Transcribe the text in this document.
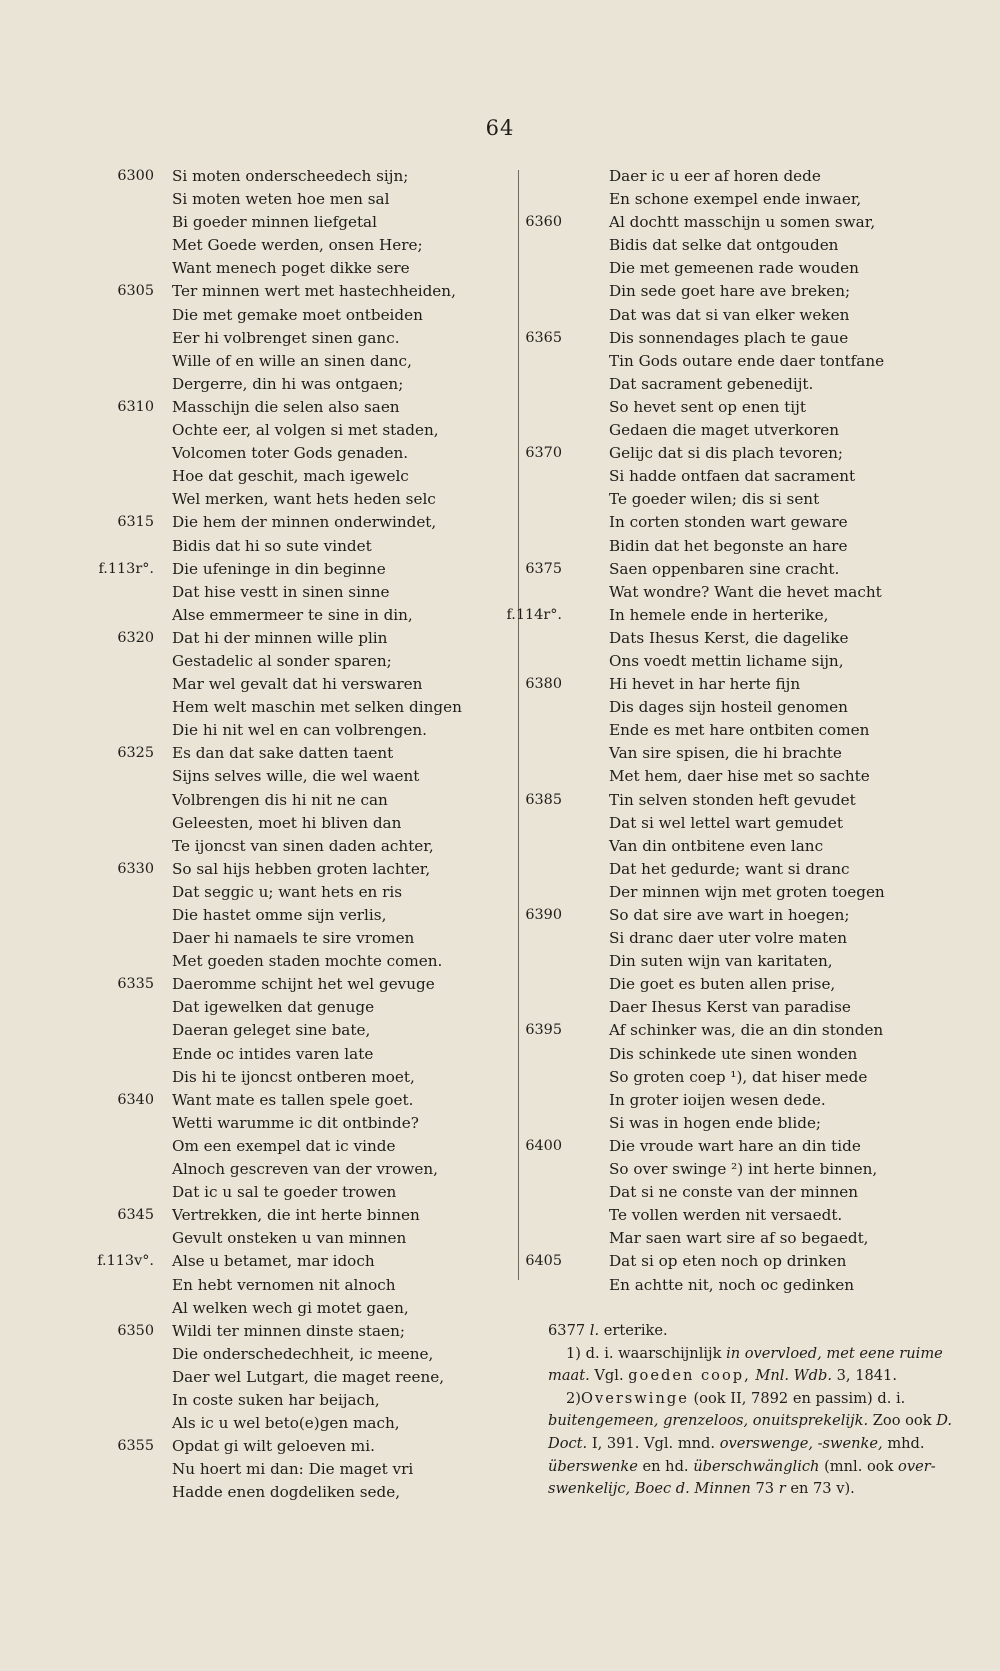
64
6300 Si moten onderscheedech sijn;
Si moten weten hoe men sal
Bi goeder minnen liefgetal
Met Goede werden, onsen Here;
Want menech poget dikke sere
6305 Ter minnen wert met hastechheiden,
Die met gemake moet ontbeiden
Eer hi volbrenget sinen ganc.
Wille of en wille an sinen danc,
Dergerre, din hi was ontgaen;
6310 Masschijn die selen also saen
Ochte eer, al volgen si met staden,
Volcomen toter Gods genaden.
Hoe dat geschit, mach igewelc
Wel merken, want hets heden selc
6315 Die hem der minnen onderwindet,
Bidis dat hi so sute vindet
f.113r°. Die ufeninge in din beginne
Dat hise vestt in sinen sinne
Alse emmermeer te sine in din,
6320 Dat hi der minnen wille plin
Gestadelic al sonder sparen;
Mar wel gevalt dat hi verswaren
Hem welt maschin met selken dingen
Die hi nit wel en can volbrengen.
6325 Es dan dat sake datten taent
Sijns selves wille, die wel waent
Volbrengen dis hi nit ne can
Geleesten, moet hi bliven dan
Te ijoncst van sinen daden achter,
6330 So sal hijs hebben groten lachter,
Dat seggic u; want hets en ris
Die hastet omme sijn verlis,
Daer hi namaels te sire vromen
Met goeden staden mochte comen.
6335 Daeromme schijnt het wel gevuge
Dat igewelken dat genuge
Daeran geleget sine bate,
Ende oc intides varen late
Dis hi te ijoncst ontberen moet,
6340 Want mate es tallen spele goet.
Wetti warumme ic dit ontbinde?
Om een exempel dat ic vinde
Alnoch gescreven van der vrowen,
Dat ic u sal te goeder trowen
6345 Vertrekken, die int herte binnen
Gevult onsteken u van minnen
f.113v°. Alse u betamet, mar idoch
En hebt vernomen nit alnoch
Al welken wech gi motet gaen,
6350 Wildi ter minnen dinste staen;
Die onderschedechheit, ic meene,
Daer wel Lutgart, die maget reene,
In coste suken har beijach,
Als ic u wel beto(e)gen mach,
6355 Opdat gi wilt geloeven mi.
Nu hoert mi dan: Die maget vri
Hadde enen dogdeliken sede,
Daer ic u eer af horen dede
En schone exempel ende inwaer,
6360	Al dochtt masschijn u somen swar,
Bidis dat selke dat ontgouden
Die met gemeenen rade wouden
Din sede goet hare ave breken;
Dat was dat si van elker weken
6365	Dis sonnendages plach te gaue
Tin Gods outare ende daer tontfane
Dat sacrament gebenedijt.
So hevet sent op enen tijt
Gedaen die maget utverkoren
6370	Gelijc dat si dis plach tevoren;
Si hadde ontfaen dat sacrament
Te goeder wilen; dis si sent
In corten stonden wart geware
Bidin dat het begonste an hare
6375	Saen oppenbaren sine cracht.
Wat wondre? Want die hevet macht
f.114r°.	In hemele ende in herterike,
Dats Ihesus Kerst, die dagelike
Ons voedt mettin lichame sijn,
6380	Hi hevet in har herte fijn
Dis dages sijn hosteil genomen
Ende es met hare ontbiten comen
Van sire spisen, die hi brachte
Met hem, daer hise met so sachte
6385	Tin selven stonden heft gevudet
Dat si wel lettel wart gemudet
Van din ontbitene even lanc
Dat het gedurde; want si dranc
Der minnen wijn met groten toegen
6390	So dat sire ave wart in hoegen;
Si dranc daer uter volre maten
Din suten wijn van karitaten,
Die goet es buten allen prise,
Daer Ihesus Kerst van paradise
6395	Af schinker was, die an din stonden
Dis schinkede ute sinen wonden
So groten coep ¹), dat hiser mede
In groter ioijen wesen dede.
Si was in hogen ende blide;
6400	Die vroude wart hare an din tide
So over swinge ²) int herte binnen,
Dat si ne conste van der minnen
Te vollen werden nit versaedt.
Mar saen wart sire af so begaedt,
6405	Dat si op eten noch op drinken
En achtte nit, noch oc gedinken
6377 l. erterike.
1) d. i. waarschijnlijk in overvloed, met eene ruime
maat. Vgl. goeden coop, Mnl. Wdb. 3, 1841.
2)Overswinge (ook II, 7892 en passim) d. i.
buitengemeen, grenzeloos, onuitsprekelijk. Zoo ook D.
Doct. I, 391. Vgl. mnd. overswenge, -swenke, mhd.
überswenke en hd. überschwänglich (mnl. ook over-
swenkelijc, Boec d. Minnen 73 r en 73 v).
